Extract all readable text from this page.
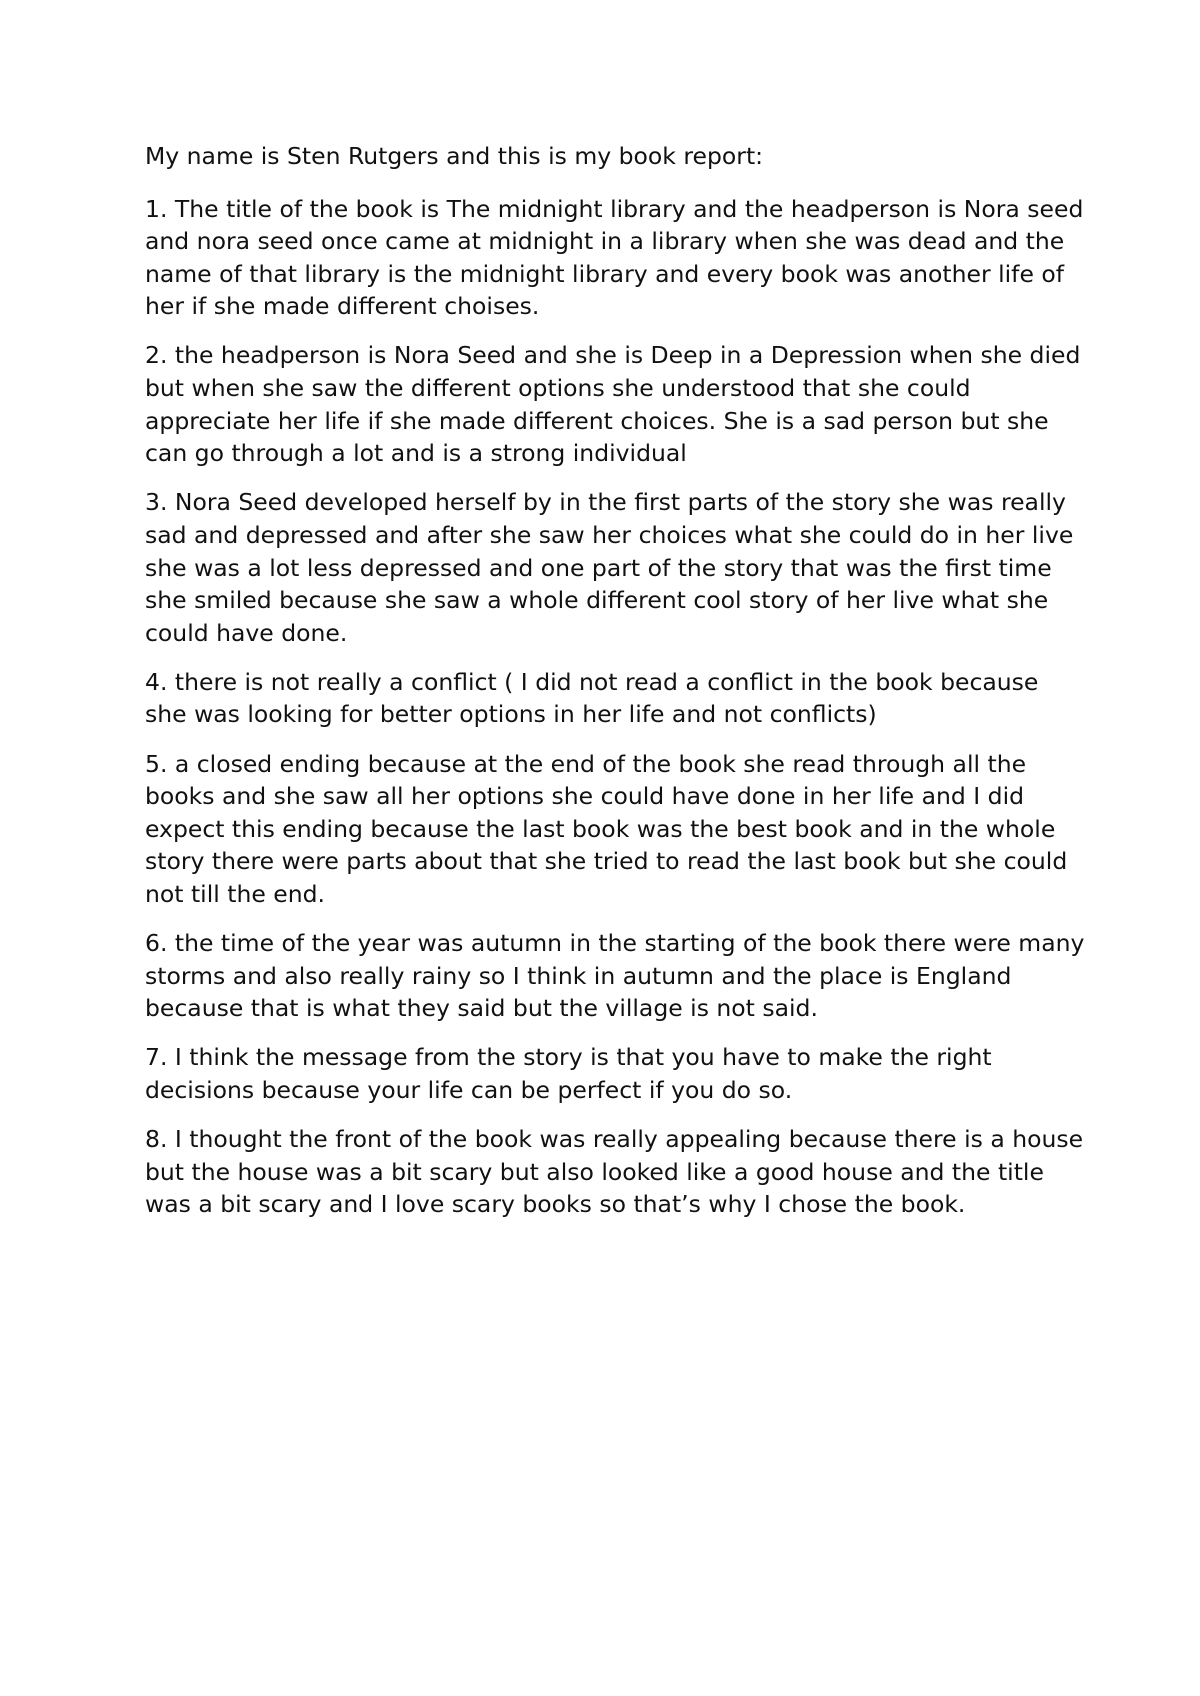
My name is Sten Rutgers and this is my book report:

1. The title of the book is The midnight library and the headperson is Nora seed and nora seed once came at midnight in a library when she was dead and the name of that library is the midnight library and every book was another life of her if she made different choises.

2. the headperson is Nora Seed and she is Deep in a Depression when she died but when she saw the different options she understood that she could appreciate her life if she made different choices. She is a sad person but she can go through a lot and is a strong individual

3. Nora Seed developed herself by in the first parts of the story she was really sad and depressed and after she saw her choices what she could do in her live she was a lot less depressed and one part of the story that was the first time she smiled because she saw a whole different cool story of her live what she could have done.

4. there is not really a conflict ( I did not read a conflict in the book because she was looking for better options in her life and not conflicts)

5. a closed ending because at the end of the book she read through all the books and she saw all her options she could have done in her life and I did expect this ending because the last book was the best book and in the whole story there were parts about that she tried to read the last book but she could not till the end.

6. the time of the year was autumn in the starting of the book there were many storms and also really rainy so I think in autumn and the place is England because that is what they said but the village is not said.

7. I think the message from the story is that you have to make the right decisions because your life can be perfect if you do so.

8. I thought the front of the book was really appealing because there is a house but the house was a bit scary but also looked like a good house and the title was a bit scary and I love scary books so that’s why I chose the book.
